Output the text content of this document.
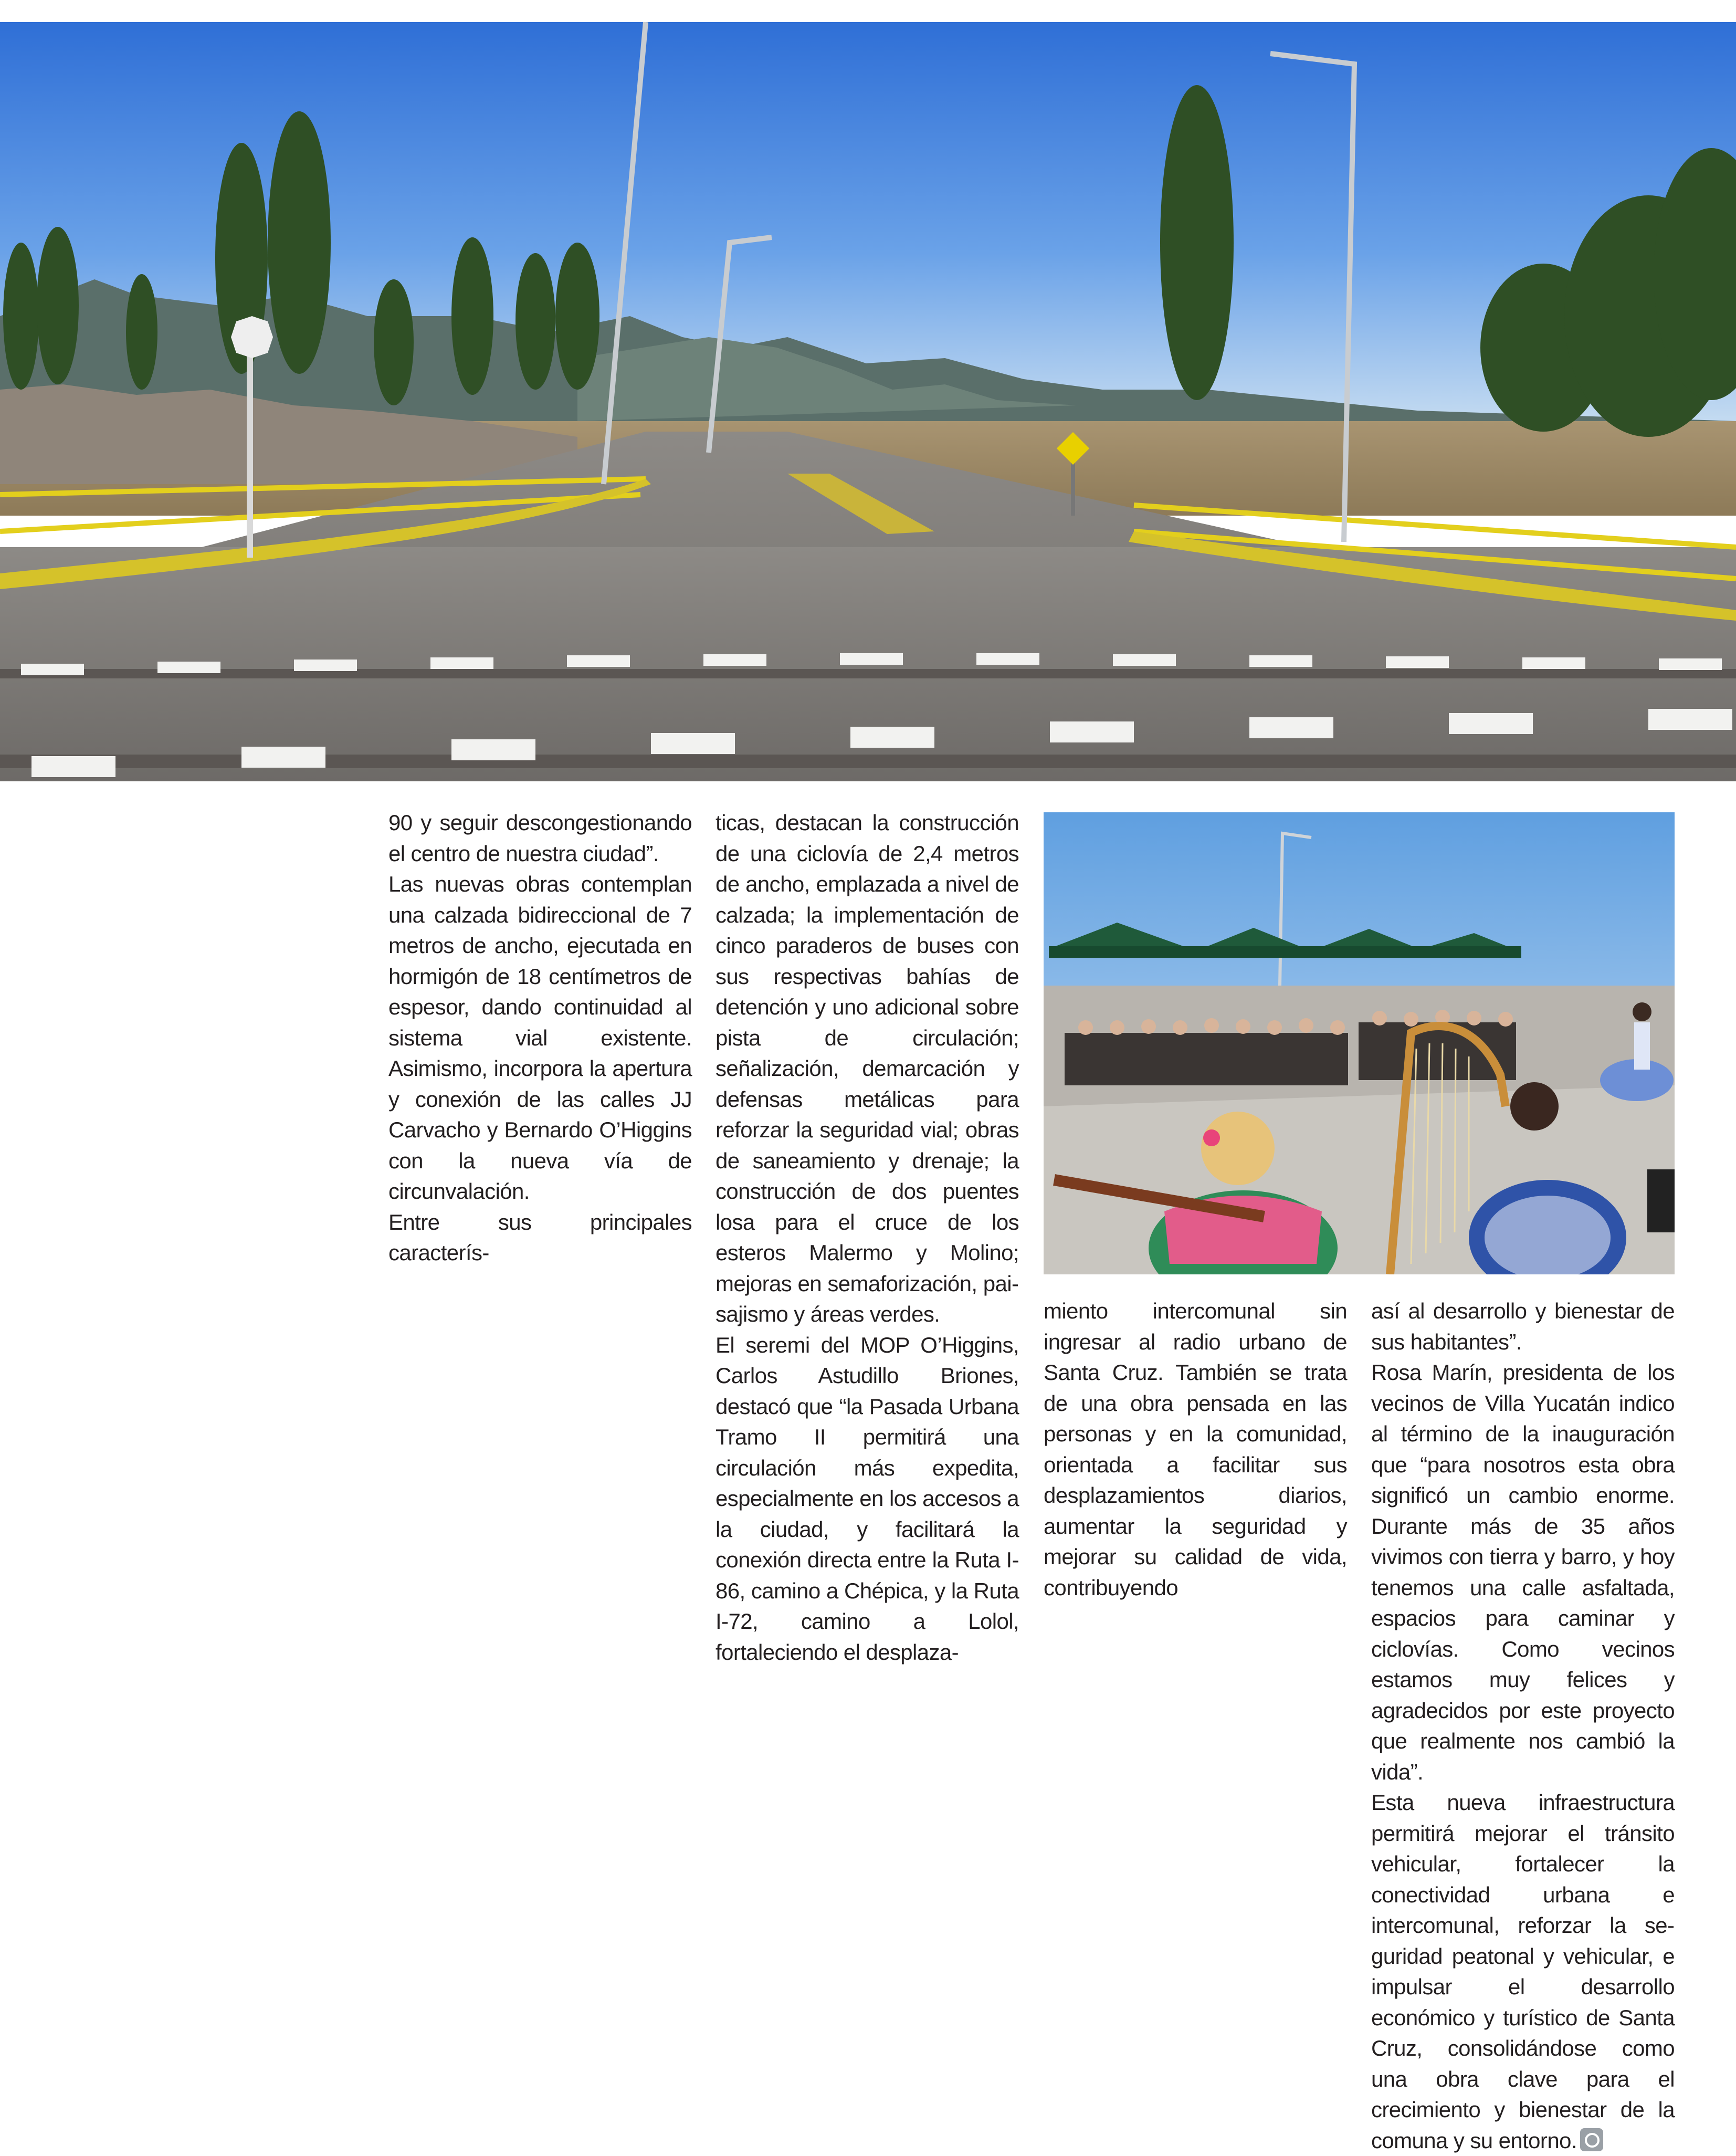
90 y seguir descongestionando el centro de nuestra ciudad”.

Las nuevas obras contemplan una calzada bidireccional de 7 metros de ancho, ejecutada en hormigón de 18 centímetros de espesor, dando continuidad al sistema vial existente. Asimismo, incorpora la apertura y conexión de las calles JJ Carvacho y Bernardo O’Higgins con la nueva vía de circunvalación.

Entre sus principales caracterís-

ticas, destacan la construcción de una ciclovía de 2,4 metros de ancho, emplazada a nivel de calzada; la implementación de cinco paraderos de buses con sus respectivas bahías de detención y uno adicional sobre pista de circulación; señalización, demarcación y defensas metálicas para reforzar la seguridad vial; obras de saneamiento y drenaje; la construcción de dos puentes losa para el cruce de los esteros Malermo y Molino; mejoras en semaforización, paisajismo y áreas verdes.

El seremi del MOP O’Higgins, Carlos Astudillo Briones, destacó que “la Pasada Urbana Tramo II permitirá una circulación más expedita, especialmente en los accesos a la ciudad, y facilitará la conexión directa entre la Ruta I-86, camino a Chépica, y la Ruta I-72, camino a Lolol, fortaleciendo el desplaza-

miento intercomunal sin ingresar al radio urbano de Santa Cruz. También se trata de una obra pensada en las personas y en la comunidad, orientada a facilitar sus desplazamientos diarios, aumentar la seguridad y mejorar su calidad de vida, contribuyendo

así al desarrollo y bienestar de sus habitantes”.

Rosa Marín, presidenta de los vecinos de Villa Yucatán indico al término de la inauguración que “para nosotros esta obra significó un cambio enorme. Durante más de 35 años vivimos con tierra y barro, y hoy tenemos una calle asfaltada, espacios para caminar y ciclovías. Como vecinos estamos muy felices y agradecidos por este proyecto que realmente nos cambió la vida”.

Esta nueva infraestructura permitirá mejorar el tránsito vehicular, fortalecer la conectividad urbana e intercomunal, reforzar la seguridad peatonal y vehicular, e impulsar el desarrollo económico y turístico de Santa Cruz, consolidándose como una obra clave para el crecimiento y bienestar de la comuna y su entorno.
